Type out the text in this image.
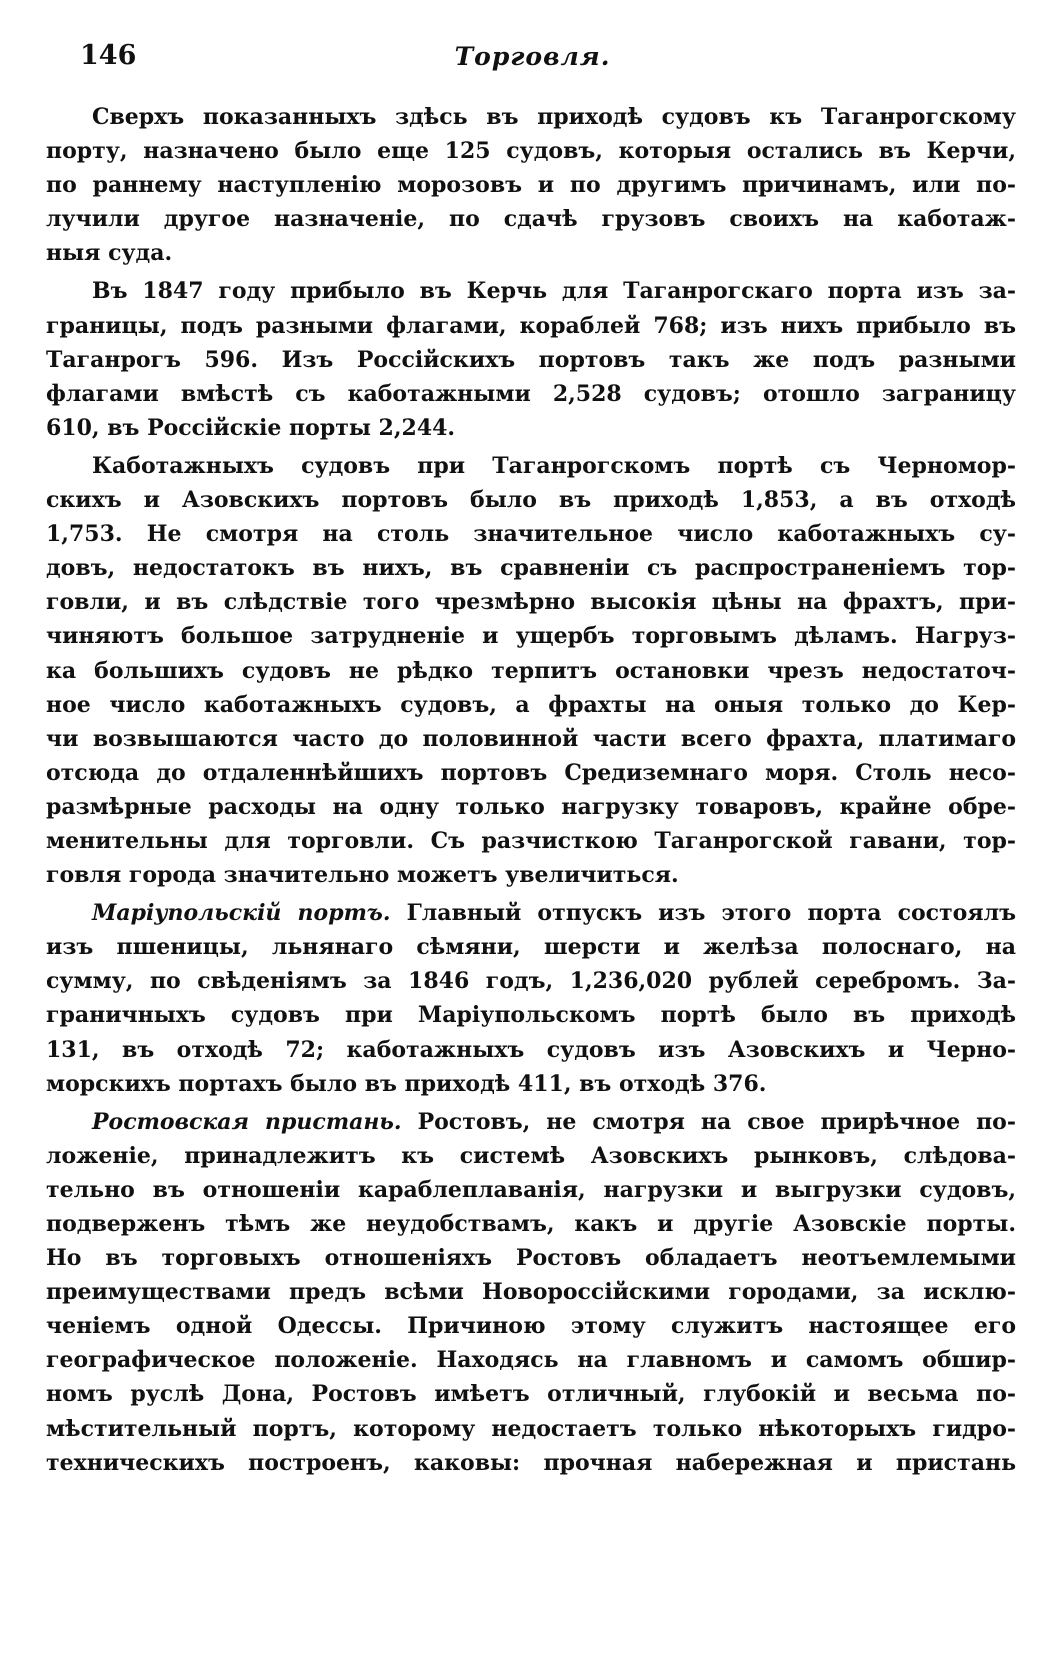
146	Торговля.
Сверхъ показанныхъ здѣсь въ приходѣ судовъ къ Таганрогскому
порту, назначено было еще 125 судовъ, которыя остались въ Керчи,
по раннему наступленію морозовъ и по другимъ причинамъ, или по-
лучили другое назначеніе, по сдачѣ грузовъ своихъ на каботаж-
ныя суда.
Въ 1847 году прибыло въ Керчь для Таганрогскаго порта изъ за-
границы, подъ разными флагами, кораблей 768; изъ нихъ прибыло въ
Таганрогъ 596. Изъ Россійскихъ портовъ такъ же подъ разными
флагами вмѣстѣ съ каботажными 2,528 судовъ; отошло заграницу
610, въ Россійскіе порты 2,244.
Каботажныхъ судовъ при Таганрогскомъ портѣ съ Черномор-
скихъ и Азовскихъ портовъ было въ приходѣ 1,853, а въ отходѣ
1,753. Не смотря на столь значительное число каботажныхъ су-
довъ, недостатокъ въ нихъ, въ сравненіи съ распространеніемъ тор-
говли, и въ слѣдствіе того чрезмѣрно высокія цѣны на фрахтъ, при-
чиняютъ большое затрудненіе и ущербъ торговымъ дѣламъ. Нагруз-
ка большихъ судовъ не рѣдко терпитъ остановки чрезъ недостаточ-
ное число каботажныхъ судовъ, а фрахты на оныя только до Кер-
чи возвышаются часто до половинной части всего фрахта, платимаго
отсюда до отдаленнѣйшихъ портовъ Средиземнаго моря. Столь несо-
размѣрные расходы на одну только нагрузку товаровъ, крайне обре-
менительны для торговли. Съ разчисткою Таганрогской гавани, тор-
говля города значительно можетъ увеличиться.
Маріупольскій портъ. Главный отпускъ изъ этого порта состоялъ
изъ пшеницы, льнянаго сѣмяни, шерсти и желѣза полоснаго, на
сумму, по свѣденіямъ за 1846 годъ, 1,236,020 рублей серебромъ. За-
граничныхъ судовъ при Маріупольскомъ портѣ было въ приходѣ
131, въ отходѣ 72; каботажныхъ судовъ изъ Азовскихъ и Черно-
морскихъ портахъ было въ приходѣ 411, въ отходѣ 376.
Ростовская пристань. Ростовъ, не смотря на свое прирѣчное по-
ложеніе, принадлежитъ къ системѣ Азовскихъ рынковъ, слѣдова-
тельно въ отношеніи караблеплаванія, нагрузки и выгрузки судовъ,
подверженъ тѣмъ же неудобствамъ, какъ и другіе Азовскіе порты.
Но въ торговыхъ отношеніяхъ Ростовъ обладаетъ неотъемлемыми
преимуществами предъ всѣми Новороссійскими городами, за исклю-
ченіемъ одной Одессы. Причиною этому служитъ настоящее его
географическое положеніе. Находясь на главномъ и самомъ обшир-
номъ руслѣ Дона, Ростовъ имѣетъ отличный, глубокій и весьма по-
мѣстительный портъ, которому недостаетъ только нѣкоторыхъ гидро-
техническихъ построенъ, каковы: прочная набережная и пристань
